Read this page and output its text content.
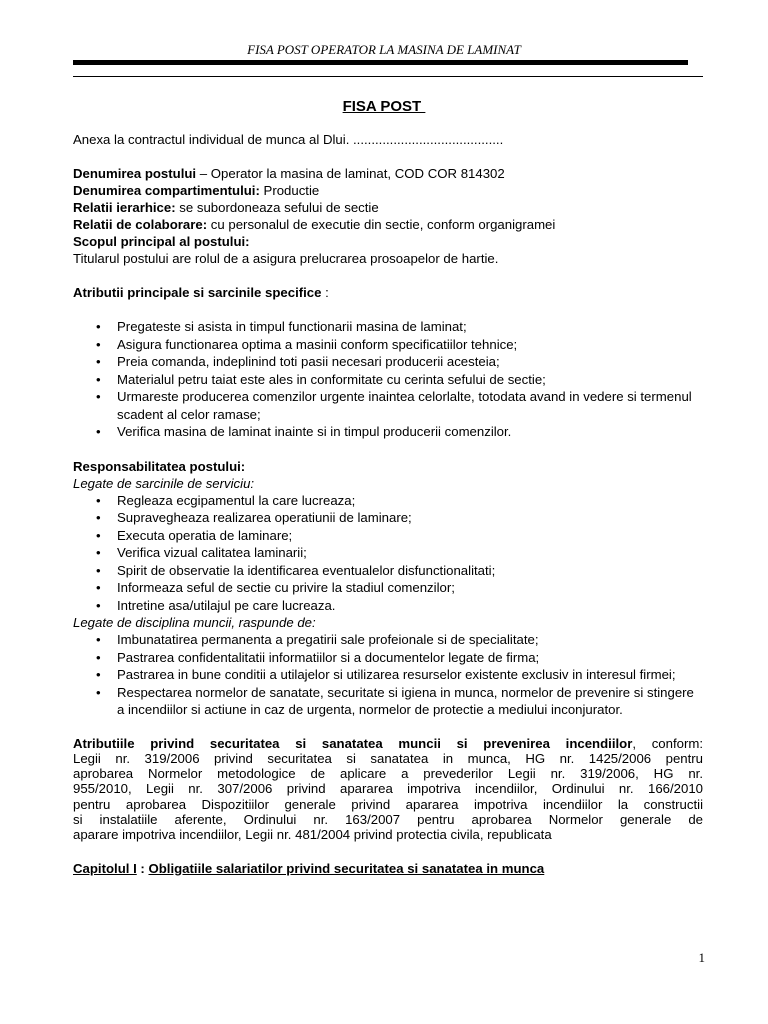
FISA POST OPERATOR LA MASINA DE LAMINAT
FISA POST
Anexa la contractul individual de munca al Dlui. .........................................
Denumirea postului – Operator la masina de laminat, COD COR 814302
Denumirea compartimentului: Productie
Relatii ierarhice: se subordoneaza sefului de sectie
Relatii de colaborare: cu personalul de executie din sectie, conform organigramei
Scopul principal al postului:
Titularul postului are rolul de a asigura prelucrarea prosoapelor de hartie.
Atributii principale si sarcinile specifice :
• Pregateste si asista in timpul functionarii masina de laminat;
• Asigura functionarea optima a masinii conform specificatiilor tehnice;
• Preia comanda, indeplinind toti pasii necesari producerii acesteia;
• Materialul petru taiat este ales in conformitate cu cerinta sefului de sectie;
• Urmareste producerea comenzilor urgente inaintea celorlalte, totodata avand in vedere si termenul scadent al celor ramase;
• Verifica masina de laminat inainte si in timpul producerii comenzilor.
Responsabilitatea postului:
Legate de sarcinile de serviciu:
• Regleaza ecgipamentul la care lucreaza;
• Supravegheaza realizarea operatiunii de laminare;
• Executa operatia de laminare;
• Verifica vizual calitatea laminarii;
• Spirit de observatie la identificarea eventualelor disfunctionalitati;
• Informeaza seful de sectie cu privire la stadiul comenzilor;
• Intretine asa/utilajul pe care lucreaza.
Legate de disciplina muncii, raspunde de:
• Imbunatatirea permanenta a pregatirii sale profeionale si de specialitate;
• Pastrarea confidentalitatii informatiilor si a documentelor legate de firma;
• Pastrarea in bune conditii a utilajelor si utilizarea resurselor existente exclusiv in interesul firmei;
• Respectarea normelor de sanatate, securitate si igiena in munca, normelor de prevenire si stingere a incendiilor si actiune in caz de urgenta, normelor de protectie a mediului inconjurator.
Atributiile privind securitatea si sanatatea muncii si prevenirea incendiilor, conform:
Legii nr. 319/2006 privind securitatea si sanatatea in munca, HG nr. 1425/2006 pentru
aprobarea Normelor metodologice de aplicare a prevederilor Legii nr. 319/2006, HG nr.
955/2010, Legii nr. 307/2006 privind apararea impotriva incendiilor, Ordinului nr. 166/2010
pentru aprobarea Dispozitiilor generale privind apararea impotriva incendiilor la constructii
si instalatiile aferente, Ordinului nr. 163/2007 pentru aprobarea Normelor generale de
aparare impotriva incendiilor, Legii nr. 481/2004 privind protectia civila, republicata
Capitolul I : Obligatiile salariatilor privind securitatea si sanatatea in munca
1
